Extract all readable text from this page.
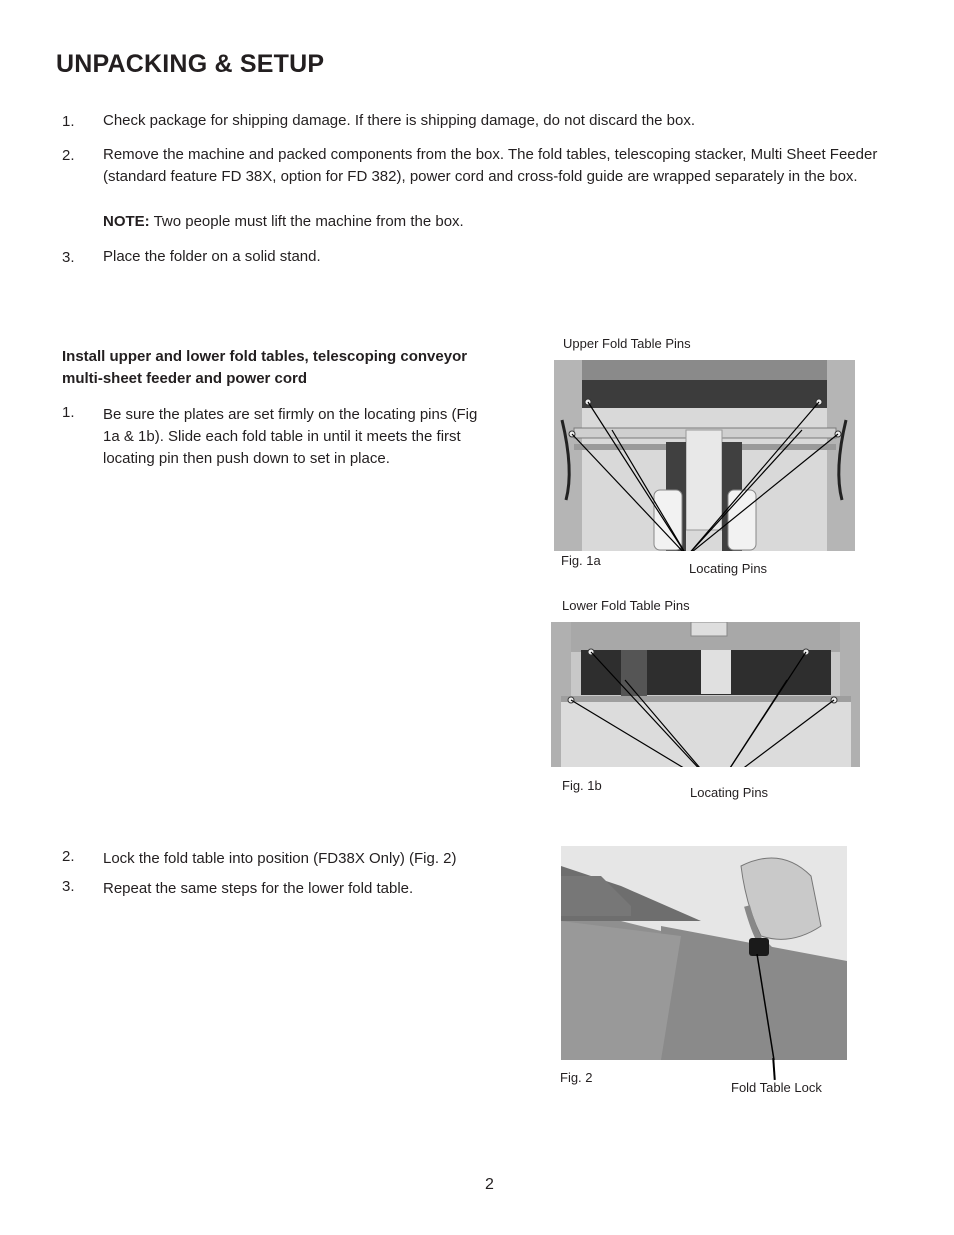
UNPACKING & SETUP
1. Check package for shipping damage. If there is shipping damage, do not discard the box.
2. Remove the machine and packed components from the box. The fold tables, telescoping stacker, Multi Sheet Feeder (standard feature FD 38X, option for FD 382), power cord and cross-fold guide are wrapped separately in the box.
NOTE: Two people must lift the machine from the box.
3. Place the folder on a solid stand.
Install upper and lower fold tables, telescoping conveyor multi-sheet feeder and power cord
1. Be sure the plates are set firmly on the locating pins (Fig 1a & 1b). Slide each fold table in until it meets the first locating pin then push down to set in place.
2. Lock the fold table into position (FD38X Only) (Fig. 2)
3. Repeat the same steps for the lower fold table.
Upper Fold Table Pins
Fig. 1a
Locating Pins
Lower Fold Table Pins
Fig. 1b	Locating Pins
Fig. 2
Fold Table Lock
2
